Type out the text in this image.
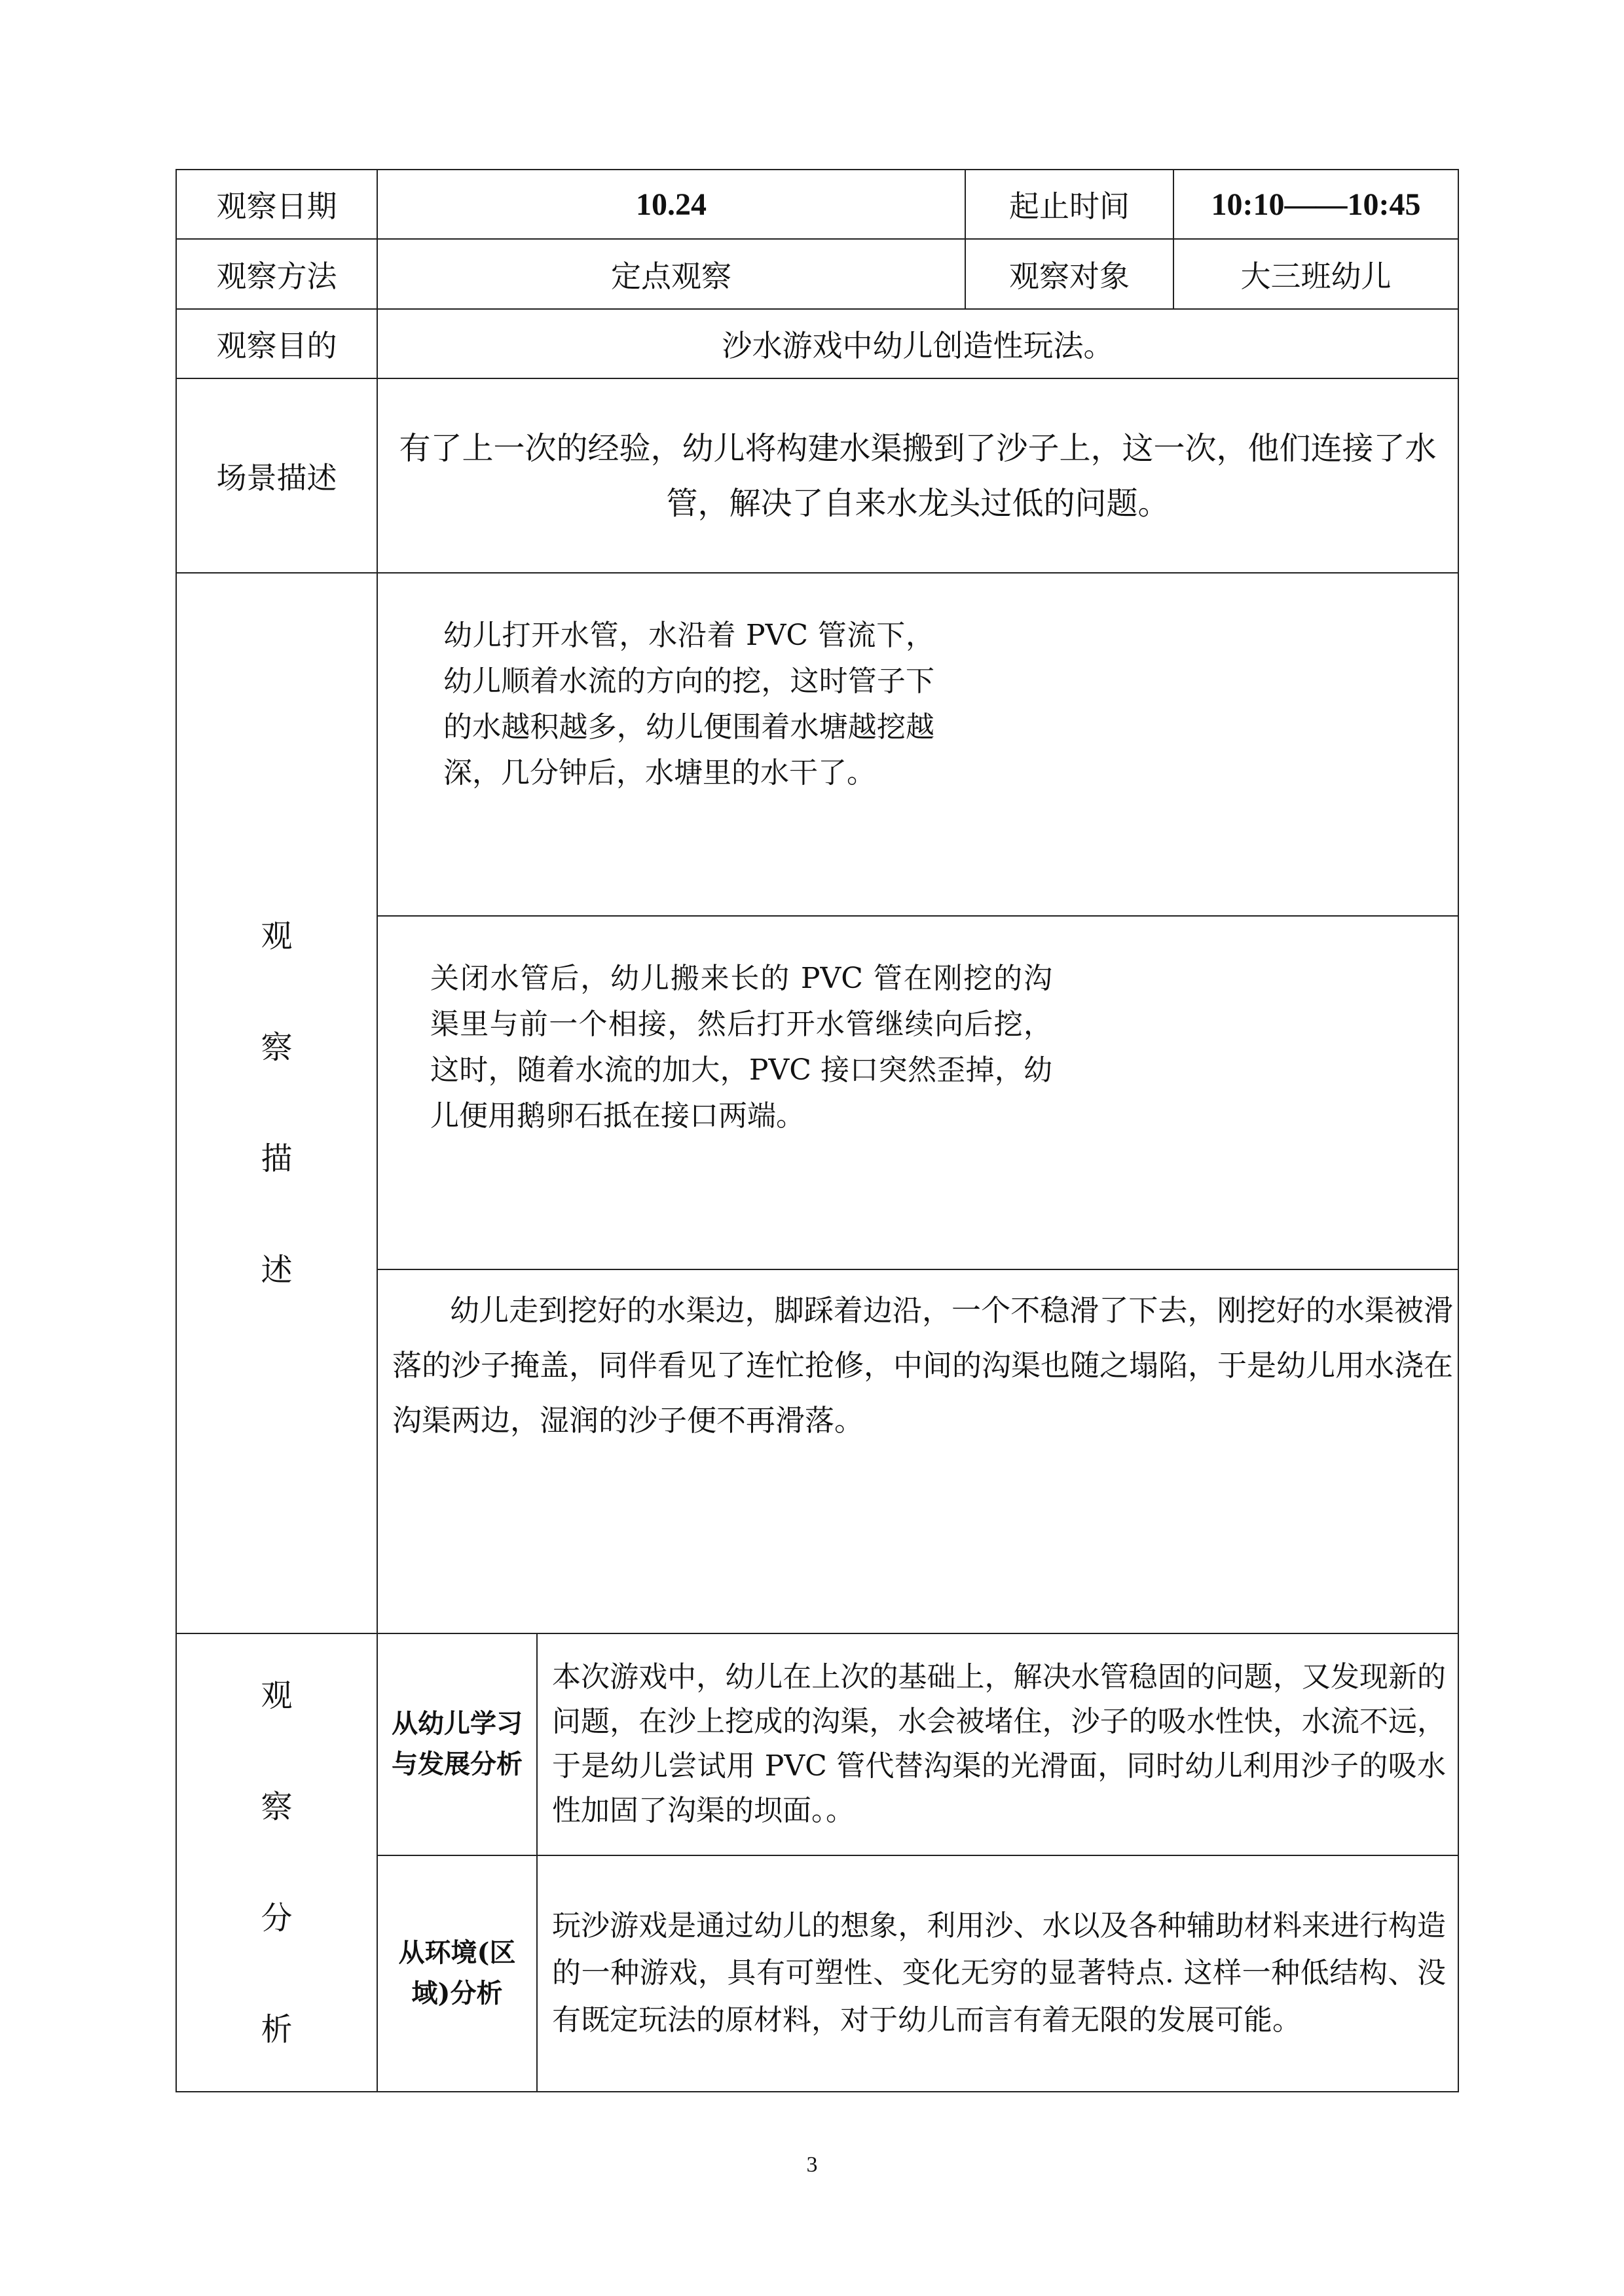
观察日期	10.24		起止时间	10:10——10:45
观察方法	定点观察		观察对象	大三班幼儿
观察目的	沙水游戏中幼儿创造性玩法。			
场景描述	有了上一次的经验，幼儿将构建水渠搬到了沙子上，这一次，他们连接了水管，解决了自来水龙头过低的问题。			

观
察
描
述	幼儿打开水管，水沿着 PVC 管流下，幼儿顺着水流的方向的挖，这时管子下的水越积越多，幼儿便围着水塘越挖越深，几分钟后，水塘里的水干了。			

	关闭水管后，幼儿搬来长的 PVC 管在刚挖的沟渠里与前一个相接，然后打开水管继续向后挖，这时，随着水流的加大，PVC 接口突然歪掉，幼儿便用鹅卵石抵在接口两端。			

	幼儿走到挖好的水渠边，脚踩着边沿，一个不稳滑了下去，刚挖好的水渠被滑落的沙子掩盖，同伴看见了连忙抢修，中间的沟渠也随之塌陷，于是幼儿用水浇在沟渠两边，湿润的沙子便不再滑落。			

观
察
分
析	从幼儿学习与发展分析	本次游戏中，幼儿在上次的基础上，解决水管稳固的问题，又发现新的问题，在沙上挖成的沟渠，水会被堵住，沙子的吸水性快，水流不远，于是幼儿尝试用 PVC 管代替沟渠的光滑面，同时幼儿利用沙子的吸水性加固了沟渠的坝面。。		

	从环境(区域)分析	玩沙游戏是通过幼儿的想象，利用沙、水以及各种辅助材料来进行构造的一种游戏，具有可塑性、变化无穷的显著特点. 这样一种低结构、没有既定玩法的原材料，对于幼儿而言有着无限的发展可能。		

3
